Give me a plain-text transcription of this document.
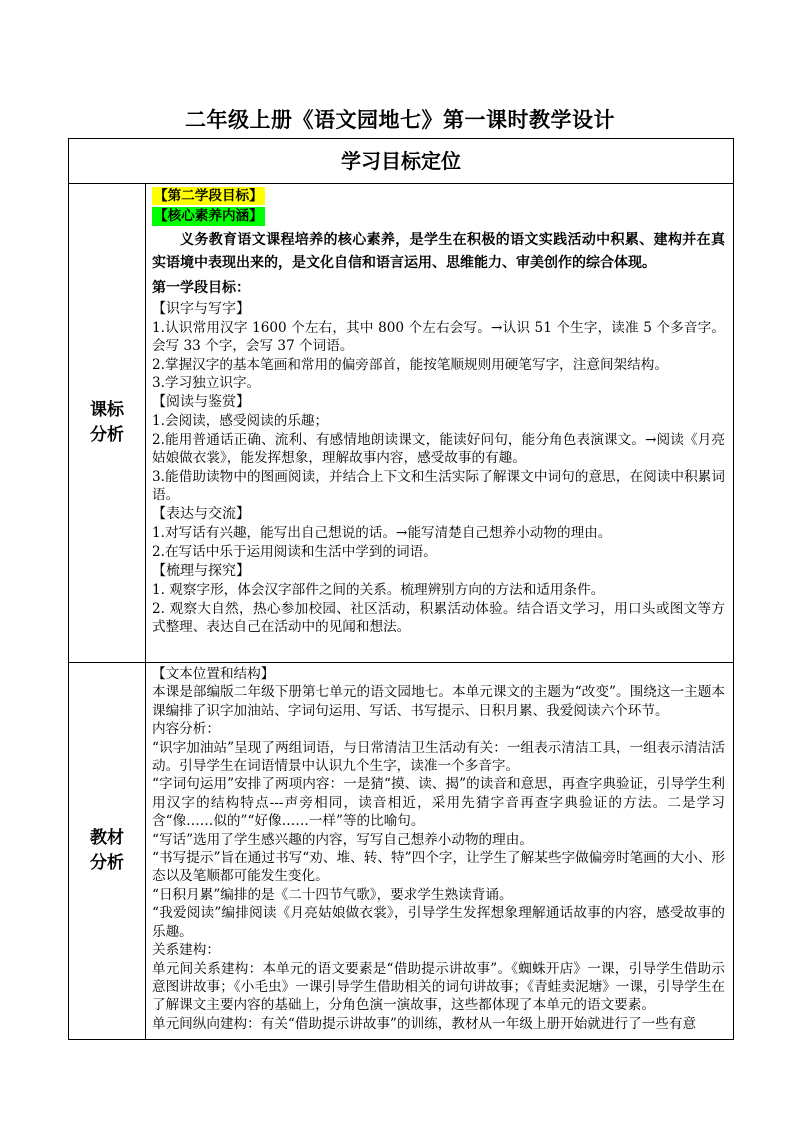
二年级上册《语文园地七》第一课时教学设计
学习目标定位
课标分析

【第二学段目标】

【核心素养内涵】

义务教育语文课程培养的核心素养，是学生在积极的语文实践活动中积累、建构并在真实语境中表现出来的，是文化自信和语言运用、思维能力、审美创作的综合体现。

第一学段目标：

【识字与写字】

1.认识常用汉字 1600 个左右，其中 800 个左右会写。→认识 51 个生字，读准 5 个多音字。会写 33 个字，会写 37 个词语。

2.掌握汉字的基本笔画和常用的偏旁部首，能按笔顺规则用硬笔写字，注意间架结构。

3.学习独立识字。

【阅读与鉴赏】

1.会阅读，感受阅读的乐趣；

2.能用普通话正确、流利、有感情地朗读课文，能读好问句，能分角色表演课文。→阅读《月亮姑娘做衣裳》，能发挥想象，理解故事内容，感受故事的有趣。

3.能借助读物中的图画阅读，并结合上下文和生活实际了解课文中词句的意思，在阅读中积累词语。

【表达与交流】

1.对写话有兴趣，能写出自己想说的话。→能写清楚自己想养小动物的理由。

2.在写话中乐于运用阅读和生活中学到的词语。

【梳理与探究】

1. 观察字形，体会汉字部件之间的关系。梳理辨别方向的方法和适用条件。

2. 观察大自然，热心参加校园、社区活动，积累活动体验。结合语文学习，用口头或图文等方式整理、表达自己在活动中的见闻和想法。

教材分析

【文本位置和结构】

本课是部编版二年级下册第七单元的语文园地七。本单元课文的主题为“改变”。围绕这一主题本课编排了识字加油站、字词句运用、写话、书写提示、日积月累、我爱阅读六个环节。

内容分析：

“识字加油站”呈现了两组词语，与日常清洁卫生活动有关：一组表示清洁工具，一组表示清洁活动。引导学生在词语情景中认识九个生字，读准一个多音字。

“字词句运用”安排了两项内容：一是猜“摸、读、揭”的读音和意思，再查字典验证，引导学生利用汉字的结构特点---声旁相同，读音相近，采用先猜字音再查字典验证的方法。二是学习含“像……似的”“好像……一样”等的比喻句。

“写话”选用了学生感兴趣的内容，写写自己想养小动物的理由。

“书写提示”旨在通过书写“劝、堆、转、特”四个字，让学生了解某些字做偏旁时笔画的大小、形态以及笔顺都可能发生变化。

“日积月累”编排的是《二十四节气歌》，要求学生熟读背诵。

“我爱阅读”编排阅读《月亮姑娘做衣裳》，引导学生发挥想象理解通话故事的内容，感受故事的乐趣。

关系建构：

单元间关系建构：本单元的语文要素是“借助提示讲故事”。《蜘蛛开店》一课，引导学生借助示意图讲故事；《小毛虫》一课引导学生借助相关的词句讲故事；《青蛙卖泥塘》一课，引导学生在了解课文主要内容的基础上，分角色演一演故事，这些都体现了本单元的语文要素。

单元间纵向建构：有关“借助提示讲故事”的训练，教材从一年级上册开始就进行了一些有意
